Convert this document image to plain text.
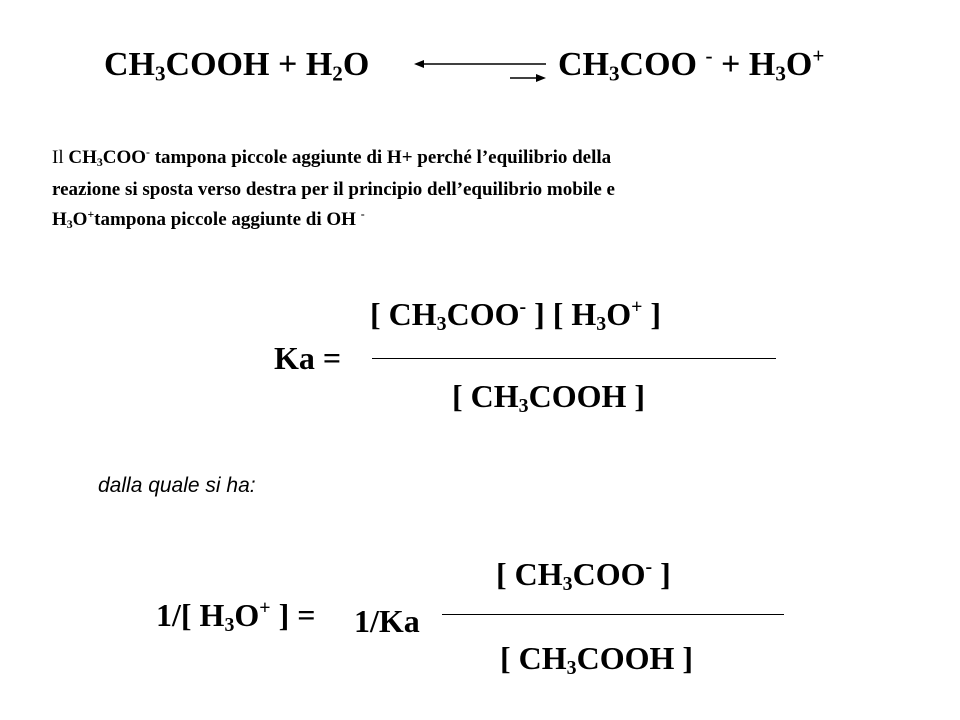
$CH_3COOH + H_2O$	$CH_3COO$ $^- + H_3O^+$
Il $CH_3COO^-$ tampona piccole aggiunte di H+ perché l’equilibrio della
reazione si sposta verso destra per il principio dell’equilibrio mobile e
$H_3O^+tampona$ piccole aggiunte di OH -
[ $CH_3COO^-$ ] [ $H_3O^+$ ]
Ka =
[ $CH_3COOH$ ]
dalla quale si ha:
[ $CH_3COO^-$ ]
1/[ $H_3O^+$ ] = 1/Ka
[ $CH_3COOH$ ]
